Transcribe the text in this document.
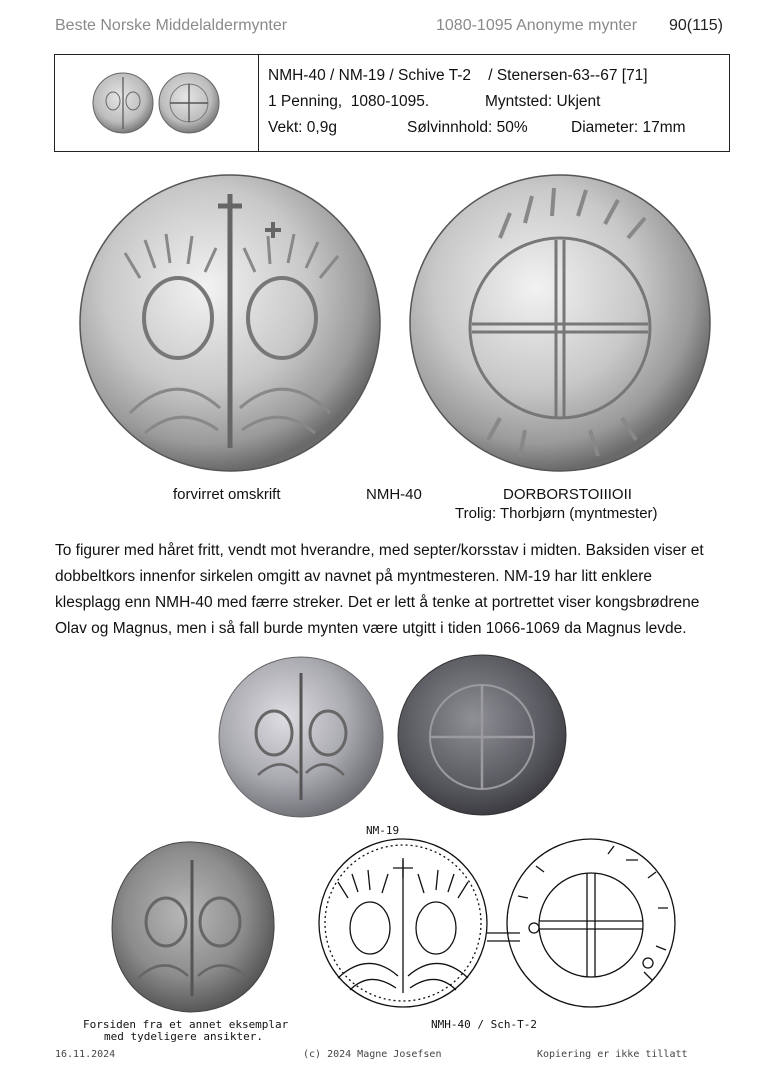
Beste Norske Middelaldermynter	1080-1095 Anonyme mynter 90(115)
NMH-40 / NM-19 / Schive T-2    / Stenersen-63--67 [71]
1 Penning,  1080-1095.	Myntsted: Ukjent
Vekt: 0,9g	Sølvinnhold: 50%	Diameter: 17mm
forvirret omskrift	NMH-40	DORBORSTOIIIOII
Trolig: Thorbjørn (myntmester)

To figurer med håret fritt, vendt mot hverandre, med septer/korsstav i midten. Baksiden viser et

dobbeltkors innenfor sirkelen omgitt av navnet på myntmesteren. NM-19 har litt enklere

klesplagg enn NMH-40 med færre streker. Det er lett å tenke at portrettet viser kongsbrødrene

Olav og Magnus, men i så fall burde mynten være utgitt i tiden 1066-1069 da Magnus levde.

NM-19
Forsiden fra et annet eksemplar
med tydeligere ansikter.
NMH-40 / Sch-T-2
16.11.2024	(c) 2024 Magne Josefsen	Kopiering er ikke tillatt
